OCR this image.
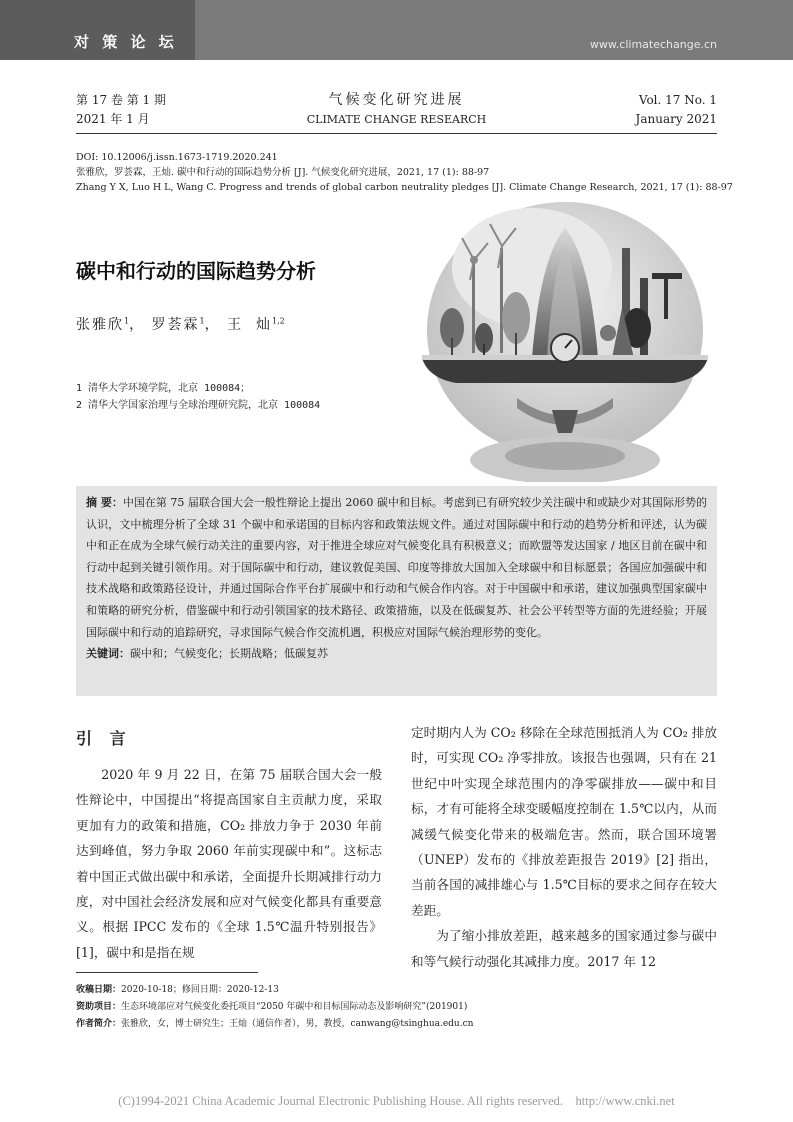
对 策 论 坛	www.climatechange.cn
第 17 卷 第 1 期
2021 年 1 月
气候变化研究进展
CLIMATE CHANGE RESEARCH
Vol. 17 No. 1
January 2021
DOI: 10.12006/j.issn.1673-1719.2020.241
张雅欣，罗荟霖，王灿. 碳中和行动的国际趋势分析 [J]. 气候变化研究进展，2021, 17 (1): 88-97
Zhang Y X, Luo H L, Wang C. Progress and trends of global carbon neutrality pledges [J]. Climate Change Research, 2021, 17 (1): 88-97
碳中和行动的国际趋势分析
张雅欣$^1$， 罗荟霖$^1$， 王  灿$^{1,2}$
1 清华大学环境学院，北京 100084；
2 清华大学国家治理与全球治理研究院，北京 100084
摘 要：中国在第 75 届联合国大会一般性辩论上提出 2060 碳中和目标。考虑到已有研究较少关注碳中和或缺少对其国际形势的认识，文中梳理分析了全球 31 个碳中和承诺国的目标内容和政策法规文件。通过对国际碳中和行动的趋势分析和评述，认为碳中和正在成为全球气候行动关注的重要内容，对于推进全球应对气候变化具有积极意义；而欧盟等发达国家 / 地区目前在碳中和行动中起到关键引领作用。对于国际碳中和行动，建议敦促美国、印度等排放大国加入全球碳中和目标愿景；各国应加强碳中和技术战略和政策路径设计，并通过国际合作平台扩展碳中和行动和气候合作内容。对于中国碳中和承诺，建议加强典型国家碳中和策略的研究分析，借鉴碳中和行动引领国家的技术路径、政策措施，以及在低碳复苏、社会公平转型等方面的先进经验；开展国际碳中和行动的追踪研究，寻求国际气候合作交流机遇，积极应对国际气候治理形势的变化。
关键词：碳中和；气候变化；长期战略；低碳复苏
引 言
2020 年 9 月 22 日，在第 75 届联合国大会一般性辩论中，中国提出“将提高国家自主贡献力度，采取更加有力的政策和措施，CO₂ 排放力争于 2030 年前达到峰值，努力争取 2060 年前实现碳中和”。这标志着中国正式做出碳中和承诺，全面提升长期减排行动力度，对中国社会经济发展和应对气候变化都具有重要意义。根据 IPCC 发布的《全球 1.5℃温升特别报告》[1]，碳中和是指在规
定时期内人为 CO₂ 移除在全球范围抵消人为 CO₂ 排放时，可实现 CO₂ 净零排放。该报告也强调，只有在 21 世纪中叶实现全球范围内的净零碳排放——碳中和目标，才有可能将全球变暖幅度控制在 1.5℃以内，从而减缓气候变化带来的极端危害。然而，联合国环境署（UNEP）发布的《排放差距报告 2019》[2] 指出，当前各国的减排雄心与 1.5℃目标的要求之间存在较大差距。
为了缩小排放差距，越来越多的国家通过参与碳中和等气候行动强化其减排力度。2017 年 12
收稿日期：2020-10-18；修回日期：2020-12-13
资助项目：生态环境部应对气候变化委托项目“2050 年碳中和目标国际动态及影响研究”(201901)
作者简介：张雅欣，女，博士研究生；王灿（通信作者），男，教授，canwang@tsinghua.edu.cn
(C)1994-2021 China Academic Journal Electronic Publishing House. All rights reserved.    http://www.cnki.net
